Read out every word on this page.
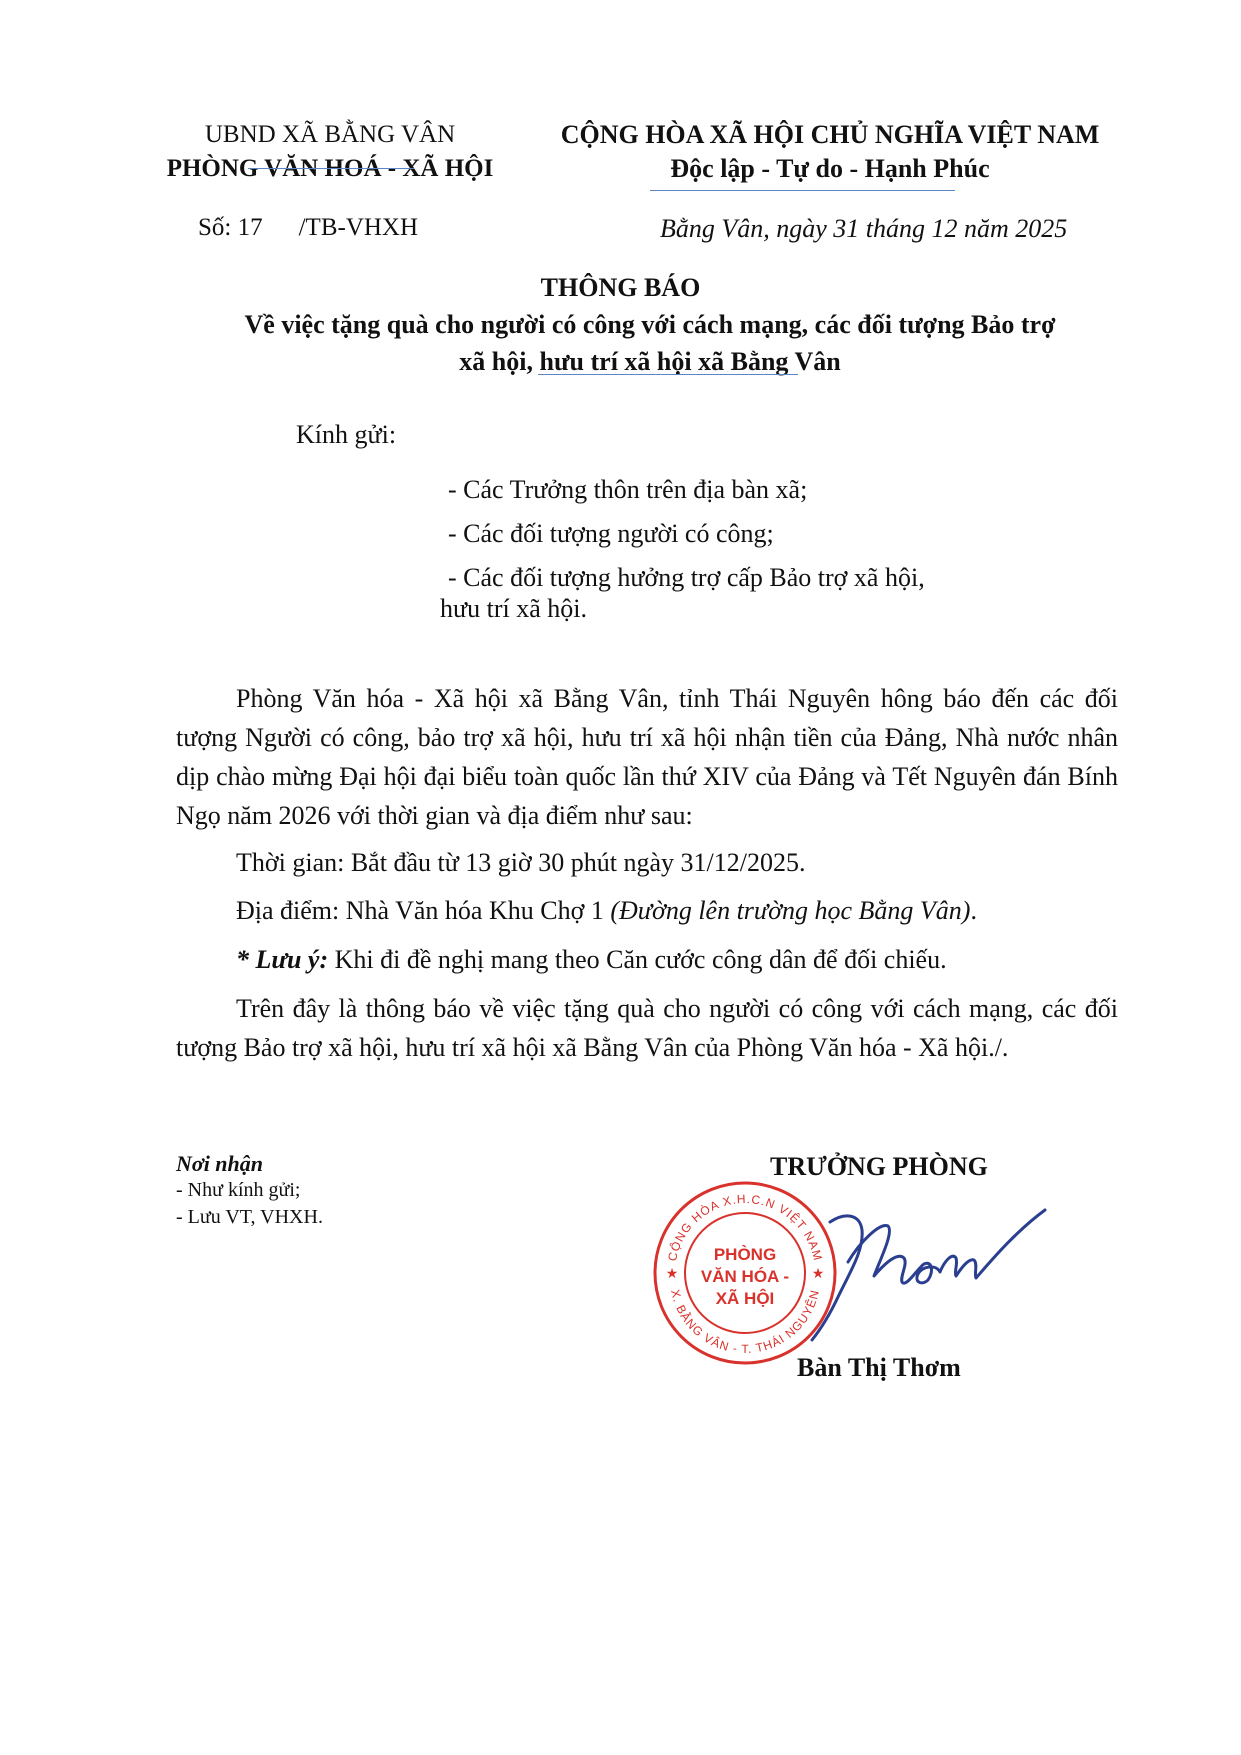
UBND XÃ BẰNG VÂN
PHÒNG VĂN HOÁ - XÃ HỘI
CỘNG HÒA XÃ HỘI CHỦ NGHĨA VIỆT NAM
Độc lập - Tự do - Hạnh Phúc
Số: 17 /TB-VHXH	Bằng Vân, ngày 31 tháng 12 năm 2025
THÔNG BÁO
Về việc tặng quà cho người có công với cách mạng, các đối tượng Bảo trợ
xã hội, hưu trí xã hội xã Bằng Vân
Kính gửi:
- Các Trưởng thôn trên địa bàn xã;
- Các đối tượng người có công;
- Các đối tượng hưởng trợ cấp Bảo trợ xã hội,
hưu trí xã hội.

Phòng Văn hóa - Xã hội xã Bằng Vân, tỉnh Thái Nguyên hông báo đến các đối tượng Người có công, bảo trợ xã hội, hưu trí xã hội nhận tiền của Đảng, Nhà nước nhân dịp chào mừng Đại hội đại biểu toàn quốc lần thứ XIV của Đảng và Tết Nguyên đán Bính Ngọ năm 2026 với thời gian và địa điểm như sau:

Thời gian: Bắt đầu từ 13 giờ 30 phút ngày 31/12/2025.

Địa điểm: Nhà Văn hóa Khu Chợ 1 (Đường lên trường học Bằng Vân).

* Lưu ý: Khi đi đề nghị mang theo Căn cước công dân để đối chiếu.

Trên đây là thông báo về việc tặng quà cho người có công với cách mạng, các đối tượng Bảo trợ xã hội, hưu trí xã hội xã Bằng Vân của Phòng Văn hóa - Xã hội./.

Nơi nhận
- Như kính gửi;
- Lưu VT, VHXH.
TRƯỞNG PHÒNG
CỘNG HÒA X.H.C.N VIỆT NAM
X. BẰNG VÂN - T. THÁI NGUYÊN
PHÒNG
VĂN HÓA -
XÃ HỘI
★	★
Bàn Thị Thơm
